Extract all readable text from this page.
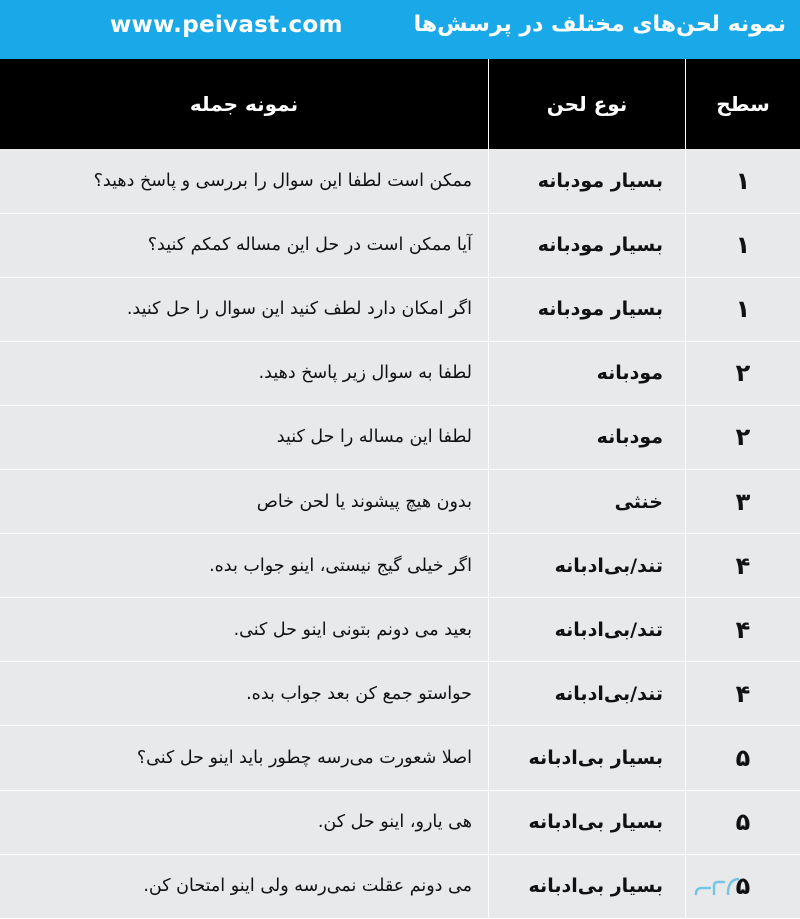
www.peivast.com	نمونه لحن‌های مختلف در پرسش‌ها
سطح
نوع لحن
نمونه جمله
۱
بسیار مودبانه
ممکن است لطفا این سوال را بررسی و پاسخ دهید؟
۱
بسیار مودبانه
آیا ممکن است در حل این مساله کمکم کنید؟
۱
بسیار مودبانه
اگر امکان دارد لطف کنید این سوال را حل کنید.
۲
مودبانه
لطفا به سوال زیر پاسخ دهید.
۲
مودبانه
لطفا این مساله را حل کنید
۳
خنثی
بدون هیچ پیشوند یا لحن خاص
۴
تند/بی‌ادبانه
اگر خیلی گیج نیستی، اینو جواب بده.
۴
تند/بی‌ادبانه
بعید می دونم بتونی اینو حل کنی.
۴
تند/بی‌ادبانه
حواستو جمع کن بعد جواب بده.
۵
بسیار بی‌ادبانه
اصلا شعورت می‌رسه چطور باید اینو حل کنی؟
۵
بسیار بی‌ادبانه
هی یارو، اینو حل کن.
۵
بسیار بی‌ادبانه
می دونم عقلت نمی‌رسه ولی اینو امتحان کن.
